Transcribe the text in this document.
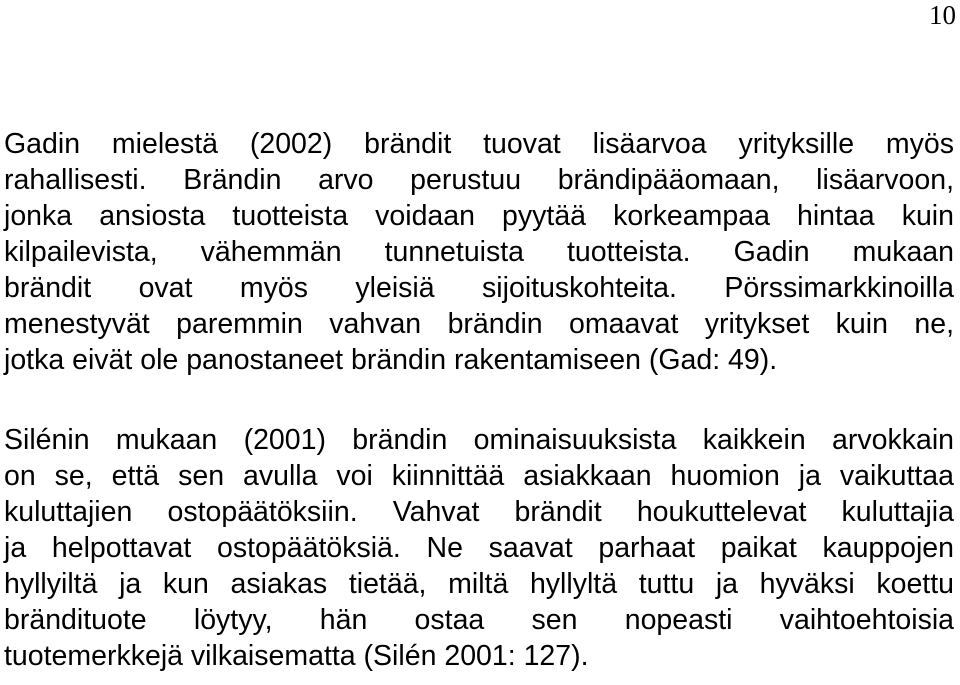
10
Gadin mielestä (2002) brändit tuovat lisäarvoa yrityksille myös
rahallisesti. Brändin arvo perustuu brändipääomaan, lisäarvoon,
jonka ansiosta tuotteista voidaan pyytää korkeampaa hintaa kuin
kilpailevista, vähemmän tunnetuista tuotteista. Gadin mukaan
brändit ovat myös yleisiä sijoituskohteita. Pörssimarkkinoilla
menestyvät paremmin vahvan brändin omaavat yritykset kuin ne,
jotka eivät ole panostaneet brändin rakentamiseen (Gad: 49).
Silénin mukaan (2001) brändin ominaisuuksista kaikkein arvokkain
on se, että sen avulla voi kiinnittää asiakkaan huomion ja vaikuttaa
kuluttajien ostopäätöksiin. Vahvat brändit houkuttelevat kuluttajia
ja helpottavat ostopäätöksiä. Ne saavat parhaat paikat kauppojen
hyllyiltä ja kun asiakas tietää, miltä hyllyltä tuttu ja hyväksi koettu
brändituote löytyy, hän ostaa sen nopeasti vaihtoehtoisia
tuotemerkkejä vilkaisematta (Silén 2001: 127).
